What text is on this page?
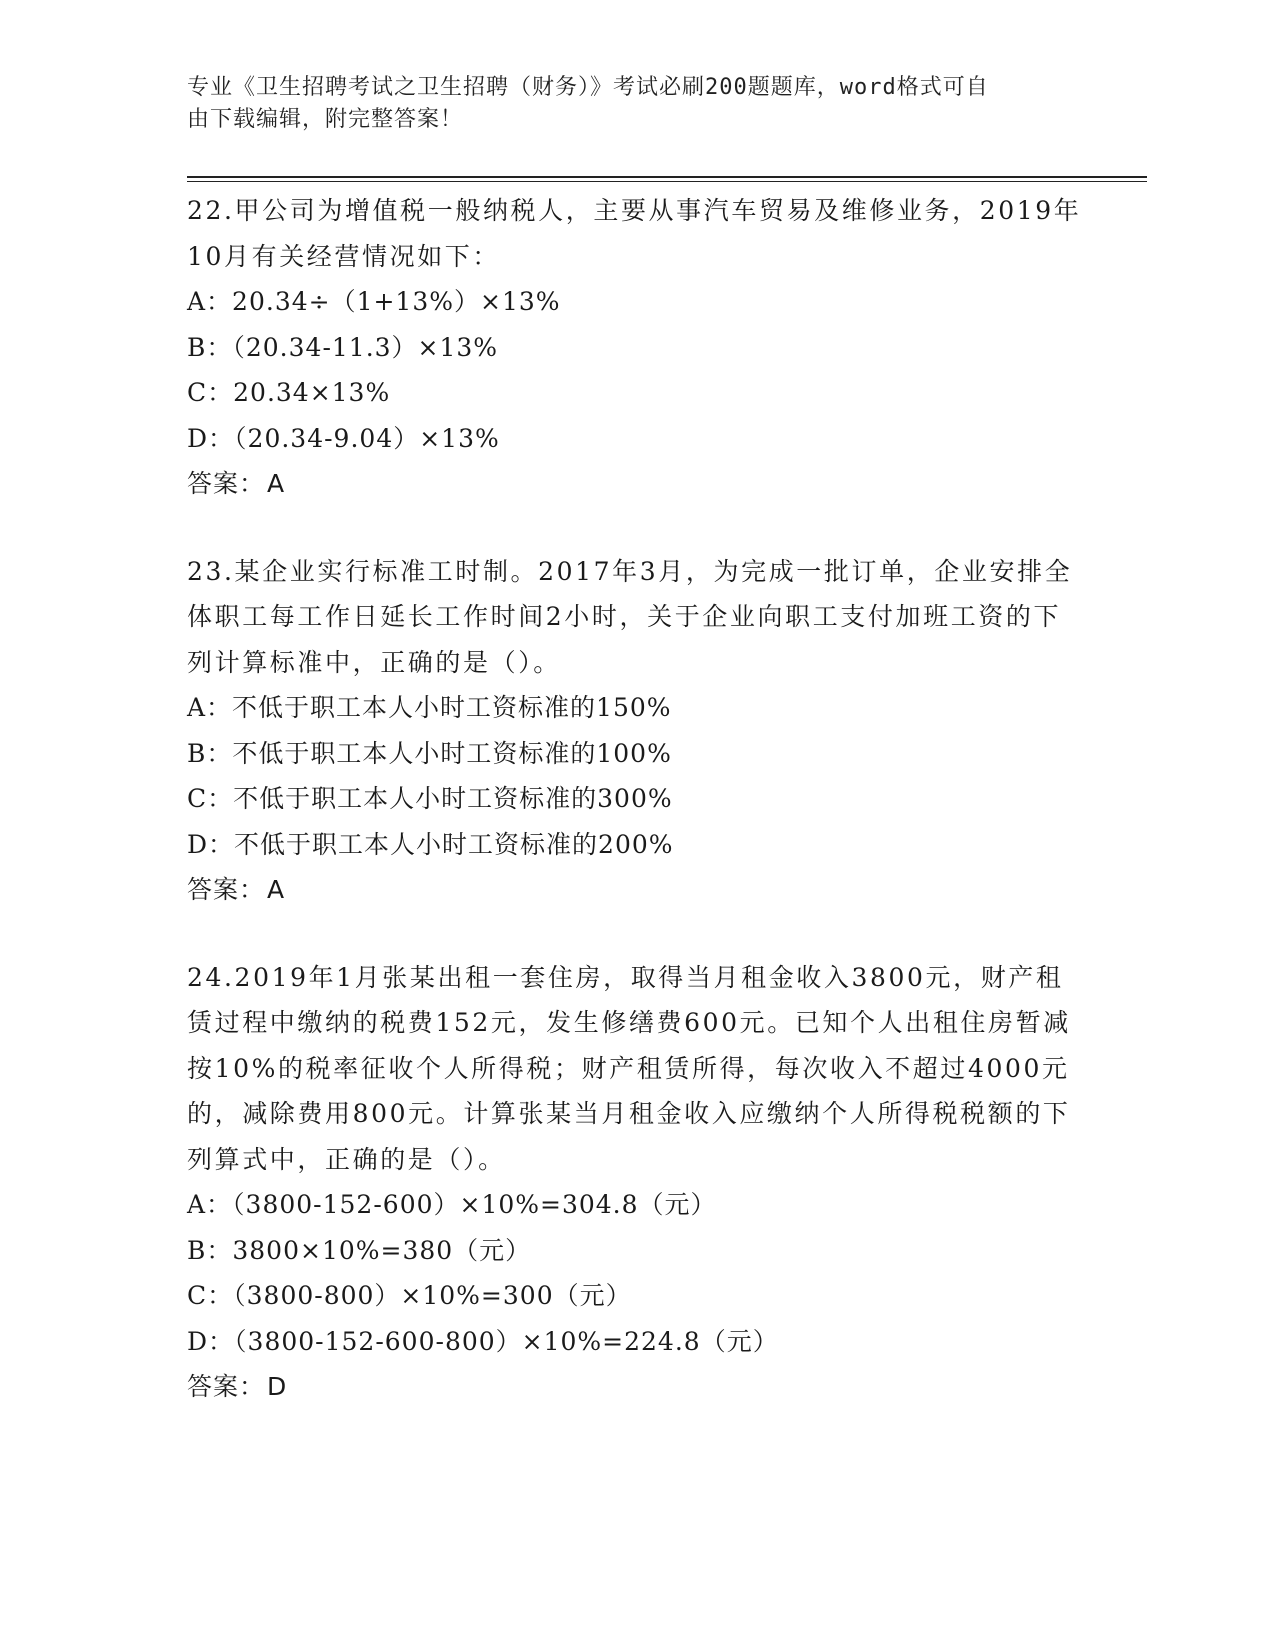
专业《卫生招聘考试之卫生招聘（财务）》考试必刷200题题库，word格式可自
由下载编辑，附完整答案！

22.甲公司为增值税一般纳税人，主要从事汽车贸易及维修业务，2019年10月有关经营情况如下：

A：20.34÷（1+13%）×13%

B：（20.34-11.3）×13%

C：20.34×13%

D：（20.34-9.04）×13%

答案：A

23.某企业实行标准工时制。2017年3月，为完成一批订单，企业安排全体职工每工作日延长工作时间2小时，关于企业向职工支付加班工资的下列计算标准中，正确的是（）。

A：不低于职工本人小时工资标准的150%

B：不低于职工本人小时工资标准的100%

C：不低于职工本人小时工资标准的300%

D：不低于职工本人小时工资标准的200%

答案：A

24.2019年1月张某出租一套住房，取得当月租金收入3800元，财产租赁过程中缴纳的税费152元，发生修缮费600元。已知个人出租住房暂减按10%的税率征收个人所得税；财产租赁所得，每次收入不超过4000元的，减除费用800元。计算张某当月租金收入应缴纳个人所得税税额的下列算式中，正确的是（）。

A：（3800-152-600）×10%=304.8（元）

B：3800×10%=380（元）

C：（3800-800）×10%=300（元）

D：（3800-152-600-800）×10%=224.8（元）

答案：D
